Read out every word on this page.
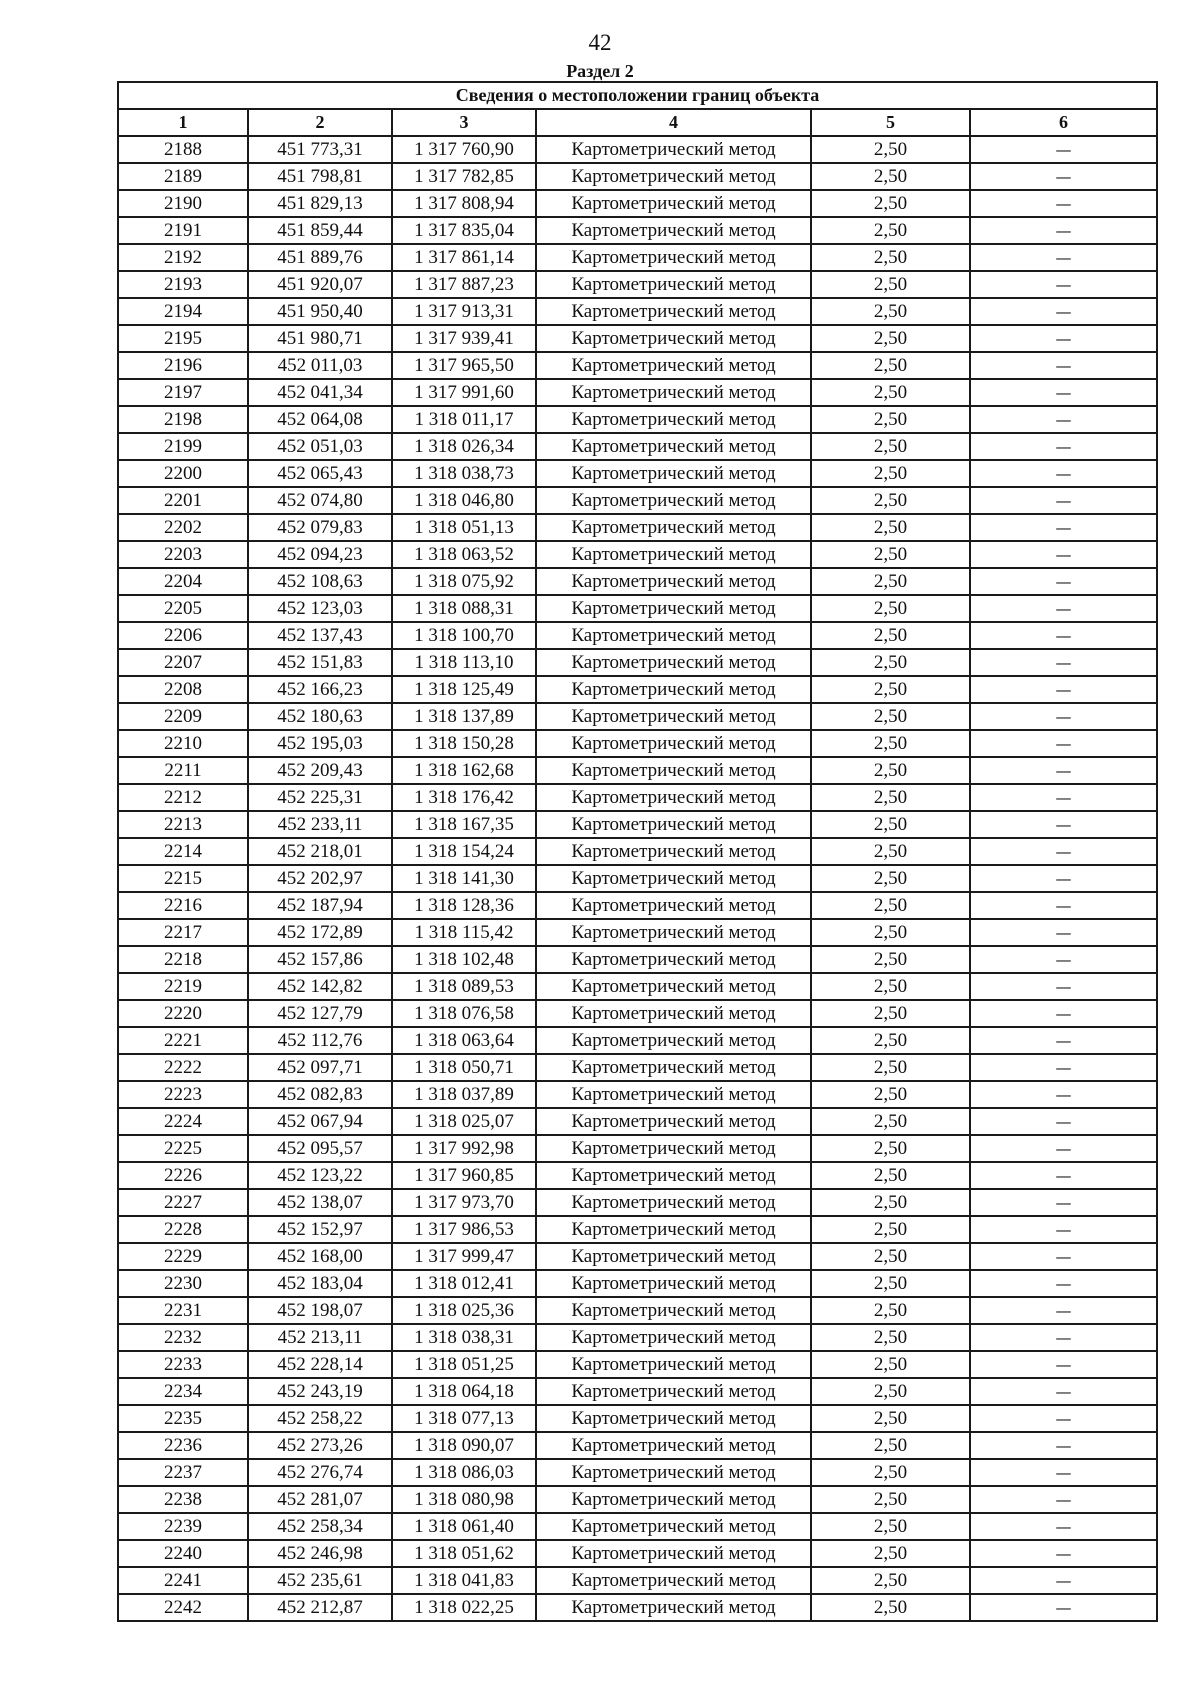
42
Раздел 2
Сведения о местоположении границ объекта					
1	2	3	4	5	6
2188	451 773,31	1 317 760,90	Картометрический метод	2,50	—
2189	451 798,81	1 317 782,85	Картометрический метод	2,50	—
2190	451 829,13	1 317 808,94	Картометрический метод	2,50	—
2191	451 859,44	1 317 835,04	Картометрический метод	2,50	—
2192	451 889,76	1 317 861,14	Картометрический метод	2,50	—
2193	451 920,07	1 317 887,23	Картометрический метод	2,50	—
2194	451 950,40	1 317 913,31	Картометрический метод	2,50	—
2195	451 980,71	1 317 939,41	Картометрический метод	2,50	—
2196	452 011,03	1 317 965,50	Картометрический метод	2,50	—
2197	452 041,34	1 317 991,60	Картометрический метод	2,50	—
2198	452 064,08	1 318 011,17	Картометрический метод	2,50	—
2199	452 051,03	1 318 026,34	Картометрический метод	2,50	—
2200	452 065,43	1 318 038,73	Картометрический метод	2,50	—
2201	452 074,80	1 318 046,80	Картометрический метод	2,50	—
2202	452 079,83	1 318 051,13	Картометрический метод	2,50	—
2203	452 094,23	1 318 063,52	Картометрический метод	2,50	—
2204	452 108,63	1 318 075,92	Картометрический метод	2,50	—
2205	452 123,03	1 318 088,31	Картометрический метод	2,50	—
2206	452 137,43	1 318 100,70	Картометрический метод	2,50	—
2207	452 151,83	1 318 113,10	Картометрический метод	2,50	—
2208	452 166,23	1 318 125,49	Картометрический метод	2,50	—
2209	452 180,63	1 318 137,89	Картометрический метод	2,50	—
2210	452 195,03	1 318 150,28	Картометрический метод	2,50	—
2211	452 209,43	1 318 162,68	Картометрический метод	2,50	—
2212	452 225,31	1 318 176,42	Картометрический метод	2,50	—
2213	452 233,11	1 318 167,35	Картометрический метод	2,50	—
2214	452 218,01	1 318 154,24	Картометрический метод	2,50	—
2215	452 202,97	1 318 141,30	Картометрический метод	2,50	—
2216	452 187,94	1 318 128,36	Картометрический метод	2,50	—
2217	452 172,89	1 318 115,42	Картометрический метод	2,50	—
2218	452 157,86	1 318 102,48	Картометрический метод	2,50	—
2219	452 142,82	1 318 089,53	Картометрический метод	2,50	—
2220	452 127,79	1 318 076,58	Картометрический метод	2,50	—
2221	452 112,76	1 318 063,64	Картометрический метод	2,50	—
2222	452 097,71	1 318 050,71	Картометрический метод	2,50	—
2223	452 082,83	1 318 037,89	Картометрический метод	2,50	—
2224	452 067,94	1 318 025,07	Картометрический метод	2,50	—
2225	452 095,57	1 317 992,98	Картометрический метод	2,50	—
2226	452 123,22	1 317 960,85	Картометрический метод	2,50	—
2227	452 138,07	1 317 973,70	Картометрический метод	2,50	—
2228	452 152,97	1 317 986,53	Картометрический метод	2,50	—
2229	452 168,00	1 317 999,47	Картометрический метод	2,50	—
2230	452 183,04	1 318 012,41	Картометрический метод	2,50	—
2231	452 198,07	1 318 025,36	Картометрический метод	2,50	—
2232	452 213,11	1 318 038,31	Картометрический метод	2,50	—
2233	452 228,14	1 318 051,25	Картометрический метод	2,50	—
2234	452 243,19	1 318 064,18	Картометрический метод	2,50	—
2235	452 258,22	1 318 077,13	Картометрический метод	2,50	—
2236	452 273,26	1 318 090,07	Картометрический метод	2,50	—
2237	452 276,74	1 318 086,03	Картометрический метод	2,50	—
2238	452 281,07	1 318 080,98	Картометрический метод	2,50	—
2239	452 258,34	1 318 061,40	Картометрический метод	2,50	—
2240	452 246,98	1 318 051,62	Картометрический метод	2,50	—
2241	452 235,61	1 318 041,83	Картометрический метод	2,50	—
2242	452 212,87	1 318 022,25	Картометрический метод	2,50	—
